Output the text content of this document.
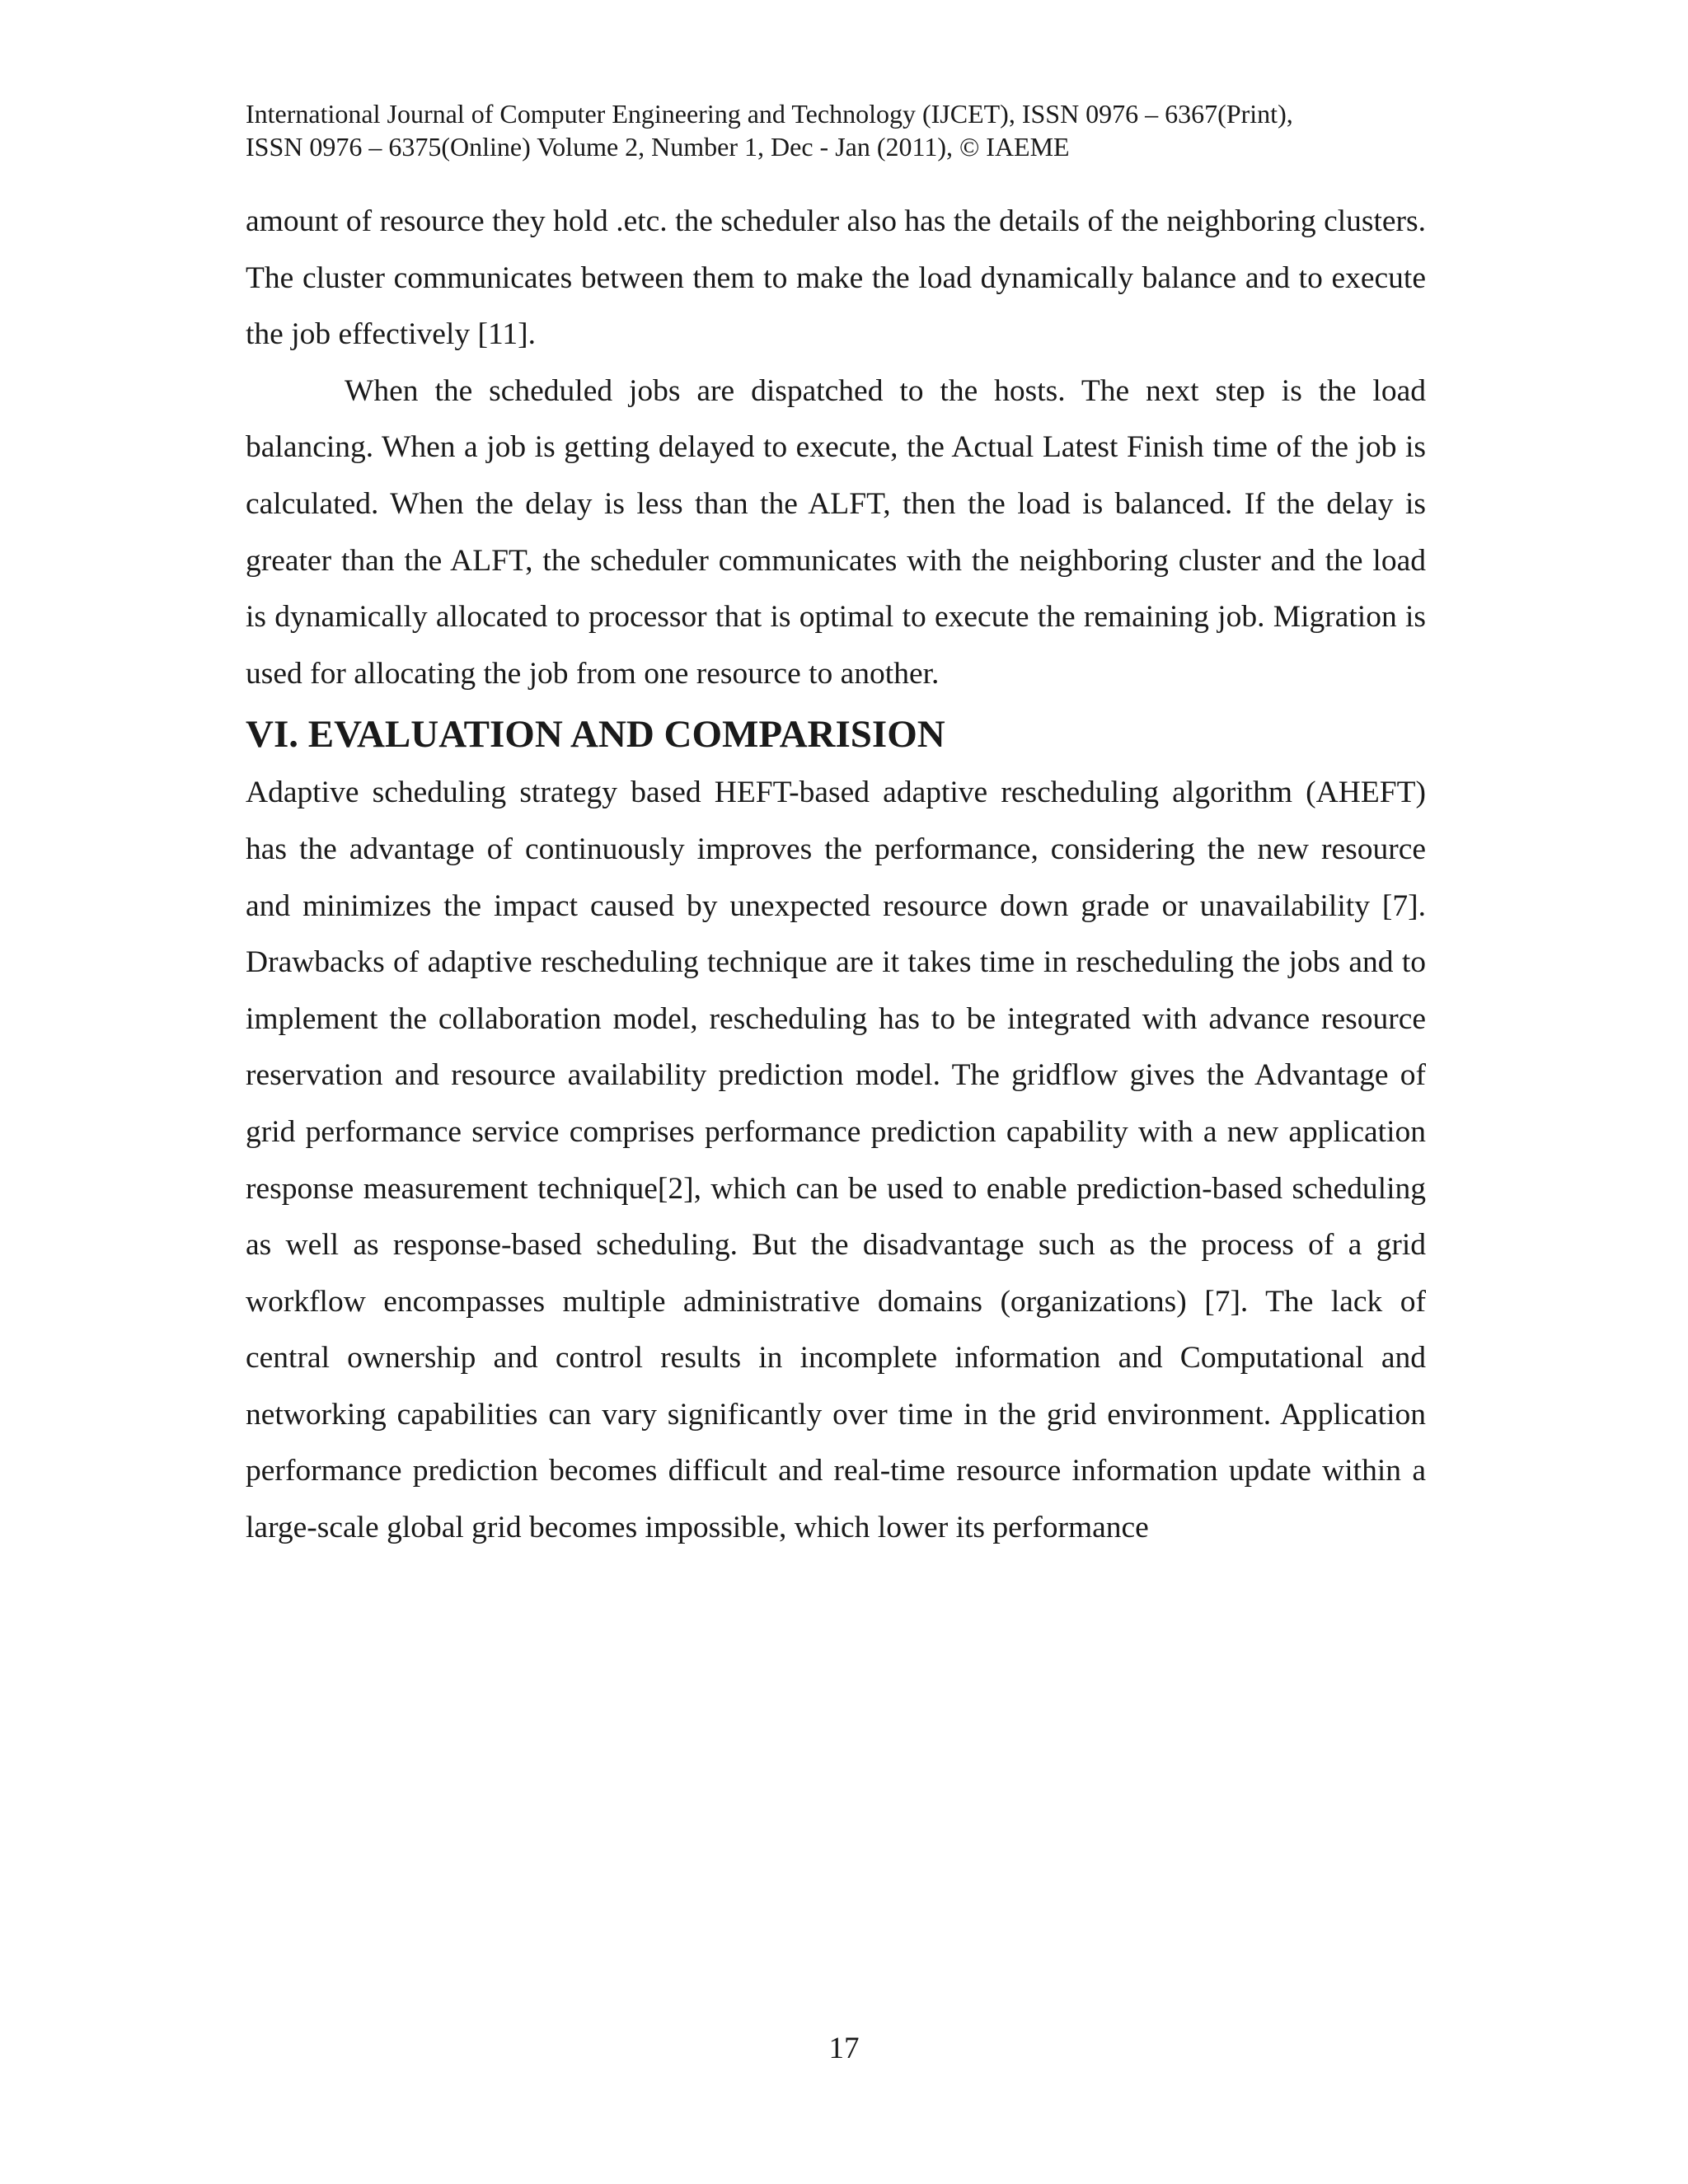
International Journal of Computer Engineering and Technology (IJCET), ISSN 0976 – 6367(Print),
ISSN 0976 – 6375(Online) Volume 2, Number 1, Dec - Jan (2011), © IAEME

amount of resource they hold .etc. the scheduler also has the details of the neighboring clusters. The cluster communicates between them to make the load dynamically balance and to execute the job effectively [11].

When the scheduled jobs are dispatched to the hosts. The next step is the load balancing. When a job is getting delayed to execute, the Actual Latest Finish time of the job is calculated. When the delay is less than the ALFT, then the load is balanced. If the delay is greater than the ALFT, the scheduler communicates with the neighboring cluster and the load is dynamically allocated to processor that is optimal to execute the remaining job. Migration is used for allocating the job from one resource to another.

VI. EVALUATION AND COMPARISION

Adaptive scheduling strategy based HEFT-based adaptive rescheduling algorithm (AHEFT) has the advantage of continuously improves the performance, considering the new resource and minimizes the impact caused by unexpected resource down grade or unavailability [7]. Drawbacks of adaptive rescheduling technique are it takes time in rescheduling the jobs and to implement the collaboration model, rescheduling has to be integrated with advance resource reservation and resource availability prediction model. The gridflow gives the Advantage of grid performance service comprises performance prediction capability with a new application response measurement technique[2], which can be used to enable prediction-based scheduling as well as response-based scheduling. But the disadvantage such as the process of a grid workflow encompasses multiple administrative domains (organizations) [7]. The lack of central ownership and control results in incomplete information and Computational and networking capabilities can vary significantly over time in the grid environment. Application performance prediction becomes difficult and real-time resource information update within a large-scale global grid becomes impossible, which lower its performance

17
